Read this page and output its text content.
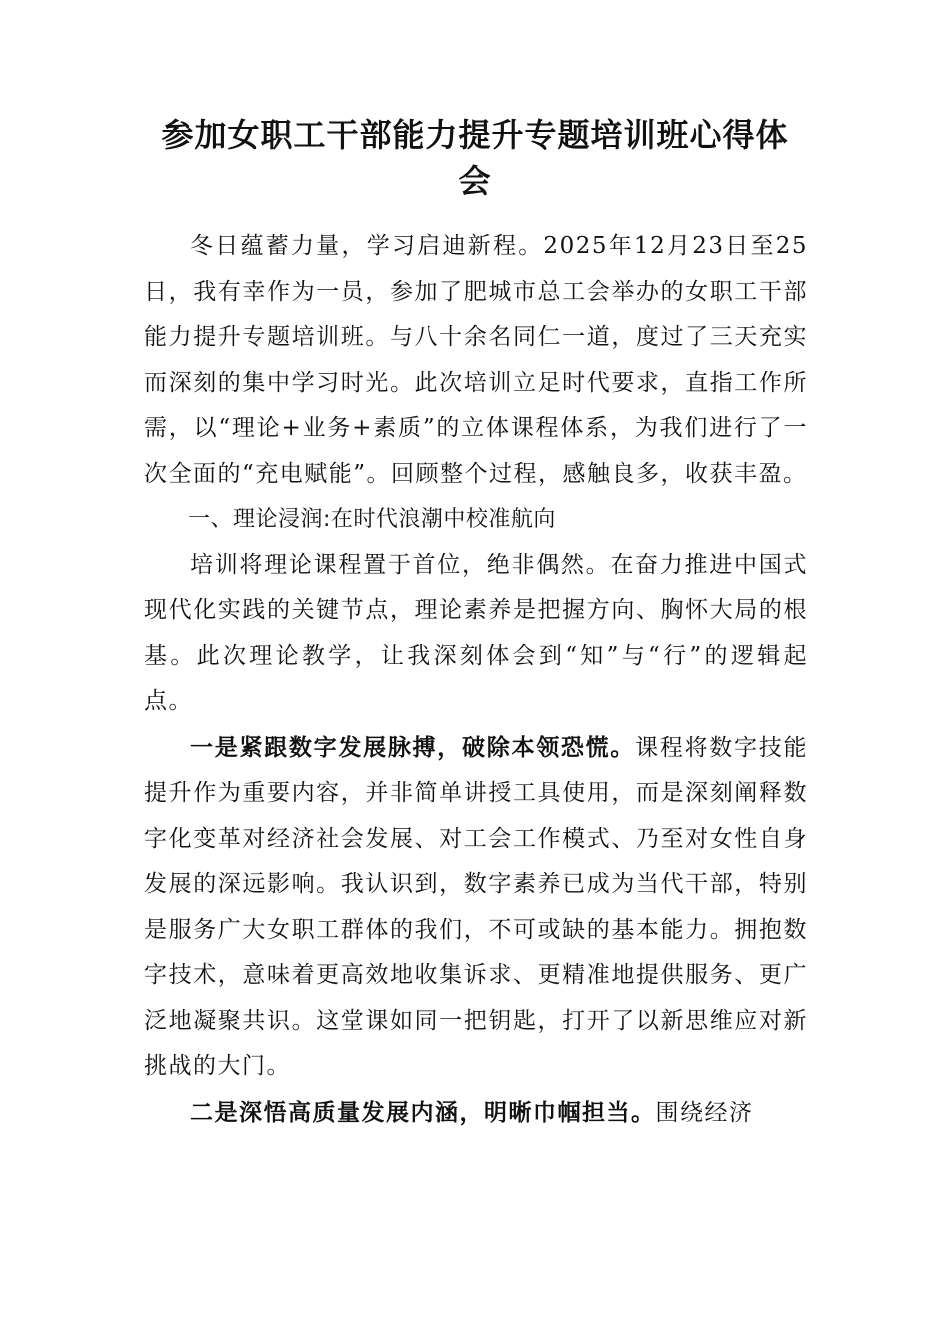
参加女职工干部能力提升专题培训班心得体会

冬日蕴蓄力量，学习启迪新程。2025年12月23日至25日，我有幸作为一员，参加了肥城市总工会举办的女职工干部能力提升专题培训班。与八十余名同仁一道，度过了三天充实而深刻的集中学习时光。此次培训立足时代要求，直指工作所需，以“理论+业务+素质”的立体课程体系，为我们进行了一次全面的“充电赋能”。回顾整个过程，感触良多，收获丰盈。

一、理论浸润:在时代浪潮中校准航向

培训将理论课程置于首位，绝非偶然。在奋力推进中国式现代化实践的关键节点，理论素养是把握方向、胸怀大局的根基。此次理论教学，让我深刻体会到“知”与“行”的逻辑起点。

一是紧跟数字发展脉搏，破除本领恐慌。课程将数字技能提升作为重要内容，并非简单讲授工具使用，而是深刻阐释数字化变革对经济社会发展、对工会工作模式、乃至对女性自身发展的深远影响。我认识到，数字素养已成为当代干部，特别是服务广大女职工群体的我们，不可或缺的基本能力。拥抱数字技术，意味着更高效地收集诉求、更精准地提供服务、更广泛地凝聚共识。这堂课如同一把钥匙，打开了以新思维应对新挑战的大门。

二是深悟高质量发展内涵，明晰巾帼担当。围绕经济
